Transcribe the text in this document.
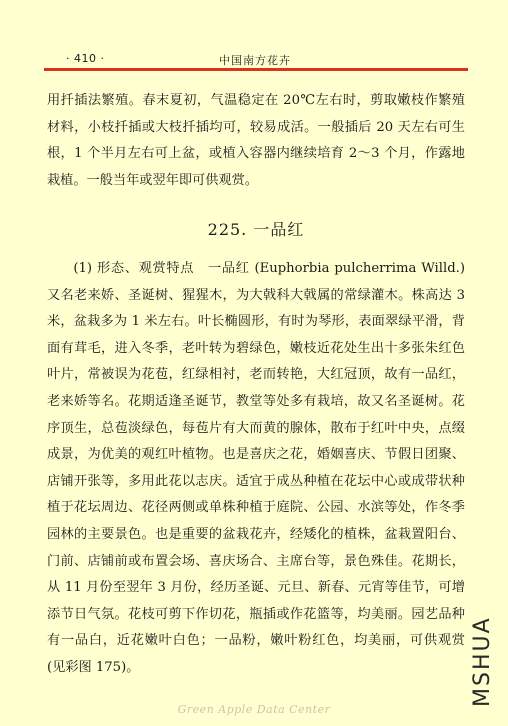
· 410 ·	中国南方花卉

用扦插法繁殖。春末夏初，气温稳定在 20℃左右时，剪取嫩枝作繁殖材料，小枝扦插或大枝扦插均可，较易成活。一般插后 20 天左右可生根，1 个半月左右可上盆，或植入容器内继续培育 2～3 个月，作露地栽植。一般当年或翌年即可供观赏。

225. 一品红

(1) 形态、观赏特点　一品红 (Euphorbia pulcherrima Willd.) 又名老来娇、圣诞树、猩猩木，为大戟科大戟属的常绿灌木。株高达 3 米，盆栽多为 1 米左右。叶长椭圆形，有时为琴形，表面翠绿平滑，背面有茸毛，进入冬季，老叶转为碧绿色，嫩枝近花处生出十多张朱红色叶片，常被误为花苞，红绿相衬，老而转艳，大红冠顶，故有一品红，老来娇等名。花期适逢圣诞节，教堂等处多有栽培，故又名圣诞树。花序顶生，总苞淡绿色，每苞片有大而黄的腺体，散布于红叶中央，点缀成景，为优美的观红叶植物。也是喜庆之花，婚姻喜庆、节假日团聚、店铺开张等，多用此花以志庆。适宜于成丛种植在花坛中心或成带状种植于花坛周边、花径两侧或单株种植于庭院、公园、水滨等处，作冬季园林的主要景色。也是重要的盆栽花卉，经矮化的植株，盆栽置阳台、门前、店铺前或布置会场、喜庆场合、主席台等，景色殊佳。花期长，从 11 月份至翌年 3 月份，经历圣诞、元旦、新春、元宵等佳节，可增添节日气氛。花枝可剪下作切花，瓶插或作花篮等，均美丽。园艺品种有一品白，近花嫩叶白色；一品粉，嫩叶粉红色，均美丽，可供观赏 (见彩图 175)。	MSHUA
Green Apple Data Center
